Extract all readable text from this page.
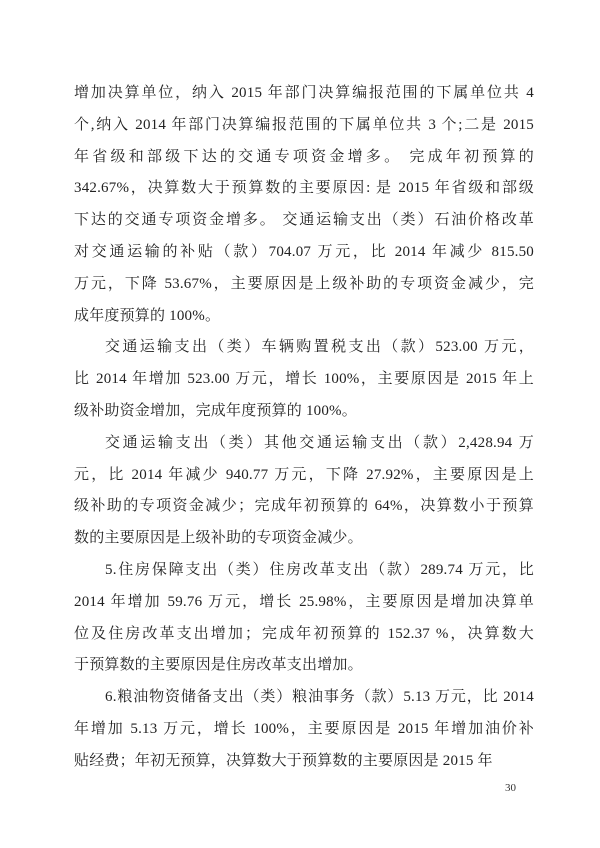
增加决算单位，纳入 2015 年部门决算编报范围的下属单位共 4
个,纳入 2014 年部门决算编报范围的下属单位共 3 个;二是 2015
年省级和部级下达的交通专项资金增多。 完成年初预算的
342.67%，决算数大于预算数的主要原因: 是 2015 年省级和部级
下达的交通专项资金增多。 交通运输支出（类）石油价格改革
对交通运输的补贴（款）704.07 万元，比 2014 年减少 815.50
万元，下降 53.67%，主要原因是上级补助的专项资金减少，完
成年度预算的 100%。
交通运输支出（类）车辆购置税支出（款）523.00 万元，
比 2014 年增加 523.00 万元，增长 100%，主要原因是 2015 年上
级补助资金增加，完成年度预算的 100%。
交通运输支出（类）其他交通运输支出（款）2,428.94 万
元，比 2014 年减少 940.77 万元，下降 27.92%，主要原因是上
级补助的专项资金减少；完成年初预算的 64%，决算数小于预算
数的主要原因是上级补助的专项资金减少。
5.住房保障支出（类）住房改革支出（款）289.74 万元，比
2014 年增加 59.76 万元，增长 25.98%，主要原因是增加决算单
位及住房改革支出增加；完成年初预算的 152.37 %，决算数大
于预算数的主要原因是住房改革支出增加。
6.粮油物资储备支出（类）粮油事务（款）5.13 万元，比 2014
年增加 5.13 万元，增长 100%，主要原因是 2015 年增加油价补
贴经费；年初无预算，决算数大于预算数的主要原因是 2015 年
30
